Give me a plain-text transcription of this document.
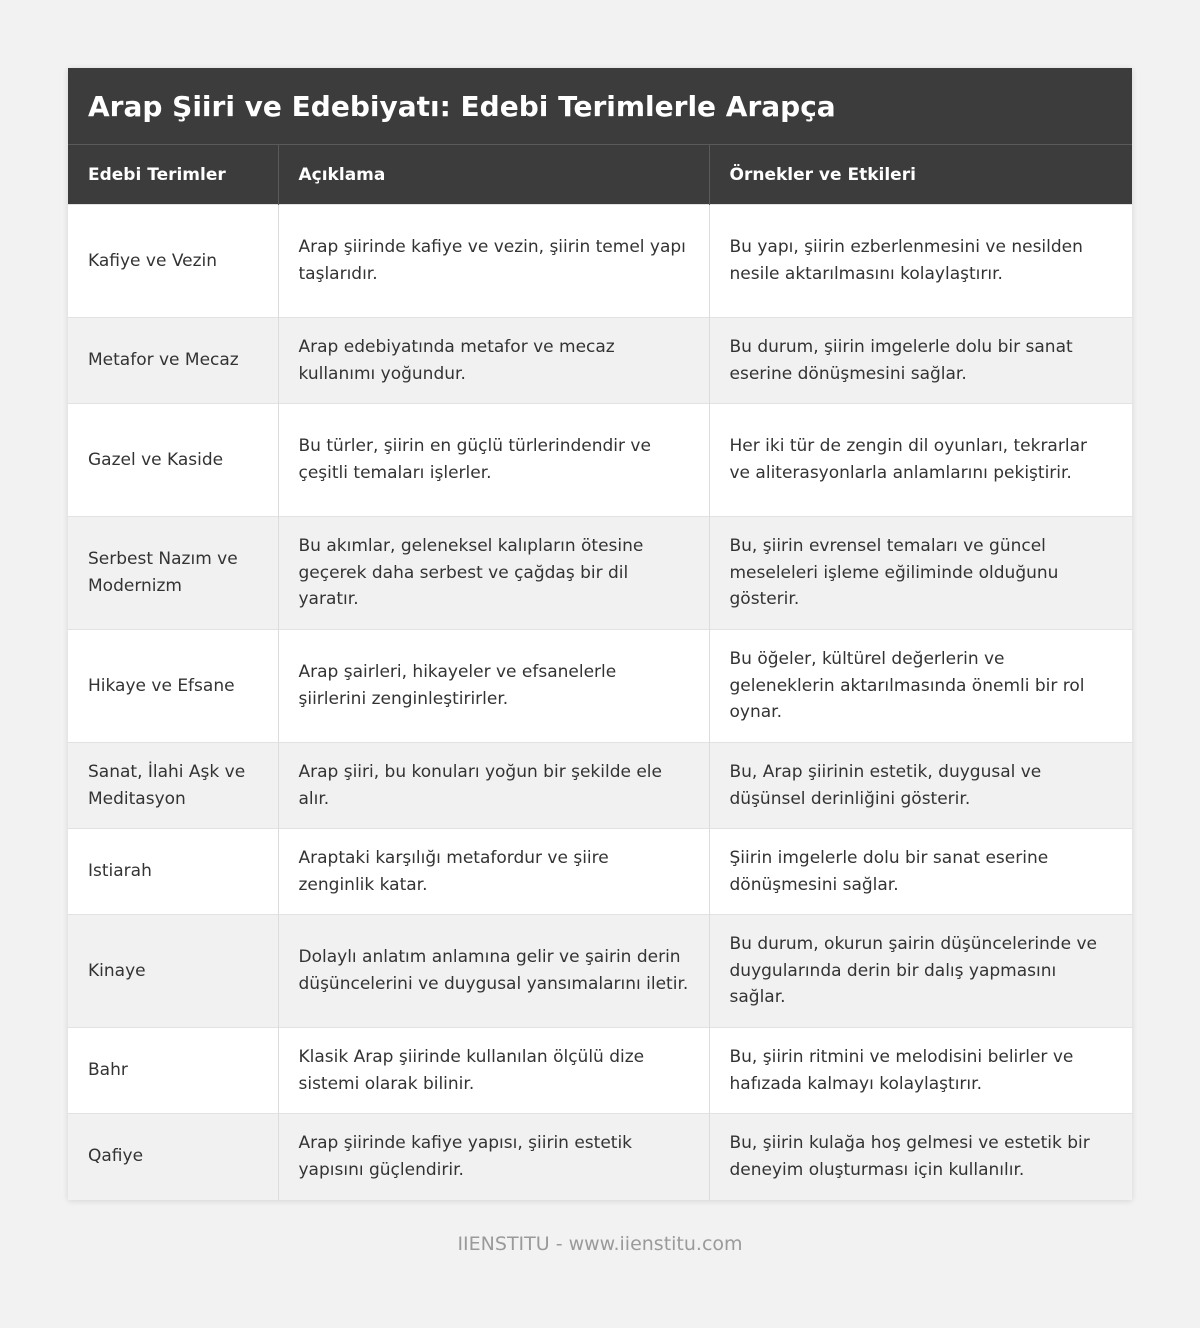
Arap Şiiri ve Edebiyatı: Edebi Terimlerle Arapça
Edebi Terimler	Açıklama	Örnekler ve Etkileri
Kafiye ve Vezin	Arap şiirinde kafiye ve vezin, şiirin temel yapı taşlarıdır.	Bu yapı, şiirin ezberlenmesini ve nesilden nesile aktarılmasını kolaylaştırır.
Metafor ve Mecaz	Arap edebiyatında metafor ve mecaz kullanımı yoğundur.	Bu durum, şiirin imgelerle dolu bir sanat eserine dönüşmesini sağlar.
Gazel ve Kaside	Bu türler, şiirin en güçlü türlerindendir ve çeşitli temaları işlerler.	Her iki tür de zengin dil oyunları, tekrarlar ve aliterasyonlarla anlamlarını pekiştirir.
Serbest Nazım ve Modernizm	Bu akımlar, geleneksel kalıpların ötesine geçerek daha serbest ve çağdaş bir dil yaratır.	Bu, şiirin evrensel temaları ve güncel meseleleri işleme eğiliminde olduğunu gösterir.
Hikaye ve Efsane	Arap şairleri, hikayeler ve efsanelerle şiirlerini zenginleştirirler.	Bu öğeler, kültürel değerlerin ve geleneklerin aktarılmasında önemli bir rol oynar.
Sanat, İlahi Aşk ve Meditasyon	Arap şiiri, bu konuları yoğun bir şekilde ele alır.	Bu, Arap şiirinin estetik, duygusal ve düşünsel derinliğini gösterir.
Istiarah	Araptaki karşılığı metafordur ve şiire zenginlik katar.	Şiirin imgelerle dolu bir sanat eserine dönüşmesini sağlar.
Kinaye	Dolaylı anlatım anlamına gelir ve şairin derin düşüncelerini ve duygusal yansımalarını iletir.	Bu durum, okurun şairin düşüncelerinde ve duygularında derin bir dalış yapmasını sağlar.
Bahr	Klasik Arap şiirinde kullanılan ölçülü dize sistemi olarak bilinir.	Bu, şiirin ritmini ve melodisini belirler ve hafızada kalmayı kolaylaştırır.
Qafiye	Arap şiirinde kafiye yapısı, şiirin estetik yapısını güçlendirir.	Bu, şiirin kulağa hoş gelmesi ve estetik bir deneyim oluşturması için kullanılır.
IIENSTITU - www.iienstitu.com
